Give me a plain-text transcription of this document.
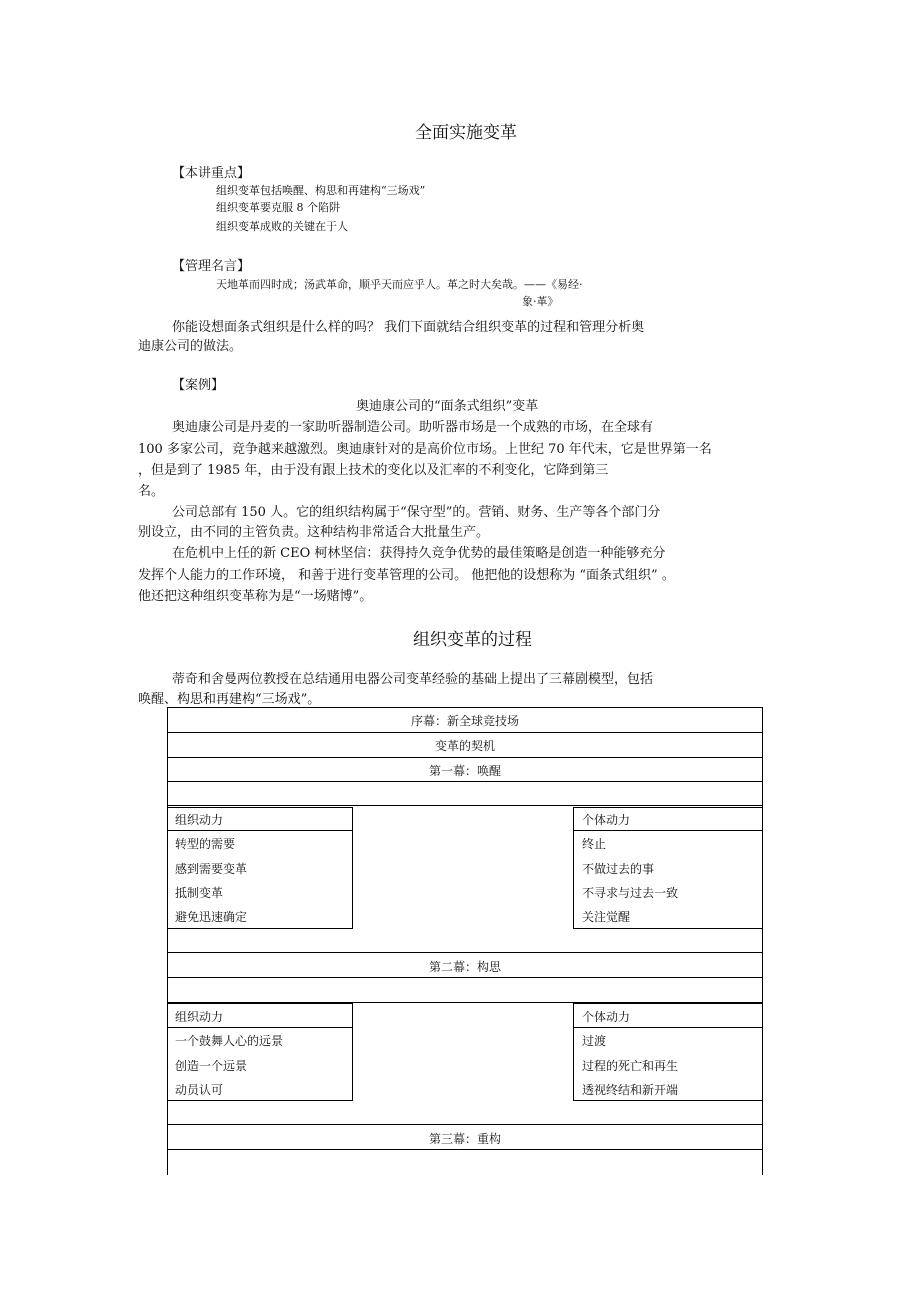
全面实施变革
【本讲重点】
组织变革包括唤醒、构思和再建构“三场戏”
组织变革要克服 8 个陷阱
组织变革成败的关键在于人
【管理名言】
天地革而四时成；汤武革命，顺乎天而应乎人。革之时大矣哉。——《易经·
象·革》
你能设想面条式组织是什么样的吗？ 我们下面就结合组织变革的过程和管理分析奥
迪康公司的做法。
【案例】
奥迪康公司的“面条式组织”变革
奥迪康公司是丹麦的一家助听器制造公司。助听器市场是一个成熟的市场，在全球有
100 多家公司，竞争越来越激烈。奥迪康针对的是高价位市场。上世纪 70 年代末，它是世界第一名
，但是到了 1985 年，由于没有跟上技术的变化以及汇率的不利变化，它降到第三
名。
公司总部有 150 人。它的组织结构属于“保守型”的。营销、财务、生产等各个部门分
别设立，由不同的主管负责。这种结构非常适合大批量生产。
在危机中上任的新 CEO 柯林坚信：获得持久竞争优势的最佳策略是创造一种能够充分
发挥个人能力的工作环境， 和善于进行变革管理的公司。 他把他的设想称为 “面条式组织” 。
他还把这种组织变革称为是“一场赌博”。
组织变革的过程
蒂奇和舍曼两位教授在总结通用电器公司变革经验的基础上提出了三幕剧模型，包括
唤醒、构思和再建构“三场戏”。
序幕：新全球竞技场
变革的契机
第一幕：唤醒
组织动力
转型的需要
感到需要变革
抵制变革
避免迅速确定
个体动力
终止
不做过去的事
不寻求与过去一致
关注觉醒
第二幕：构思
组织动力
一个鼓舞人心的远景
创造一个远景
动员认可
个体动力
过渡
过程的死亡和再生
透视终结和新开端
第三幕：重构
